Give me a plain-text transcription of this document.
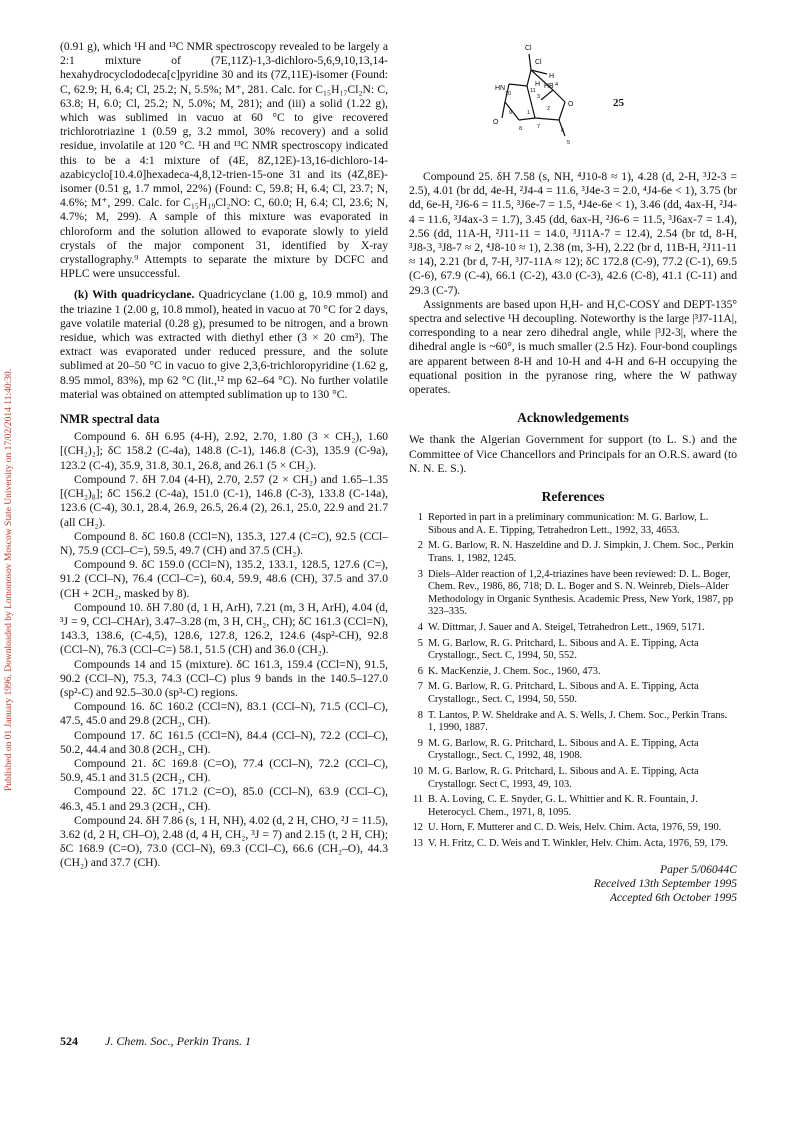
Published on 01 January 1996. Downloaded by Lomonosov Moscow State University on 17/02/2014 11:40:30.

(0.91 g), which ¹H and ¹³C NMR spectroscopy revealed to be largely a 2:1 mixture of (7E,11Z)-1,3-dichloro-5,6,9,10,13,14-hexahydrocyclododeca[c]pyridine 30 and its (7Z,11E)-isomer (Found: C, 62.9; H, 6.4; Cl, 25.2; N, 5.5%; M⁺, 281. Calc. for C₁₅H₁₇Cl₂N: C, 63.8; H, 6.0; Cl, 25.2; N, 5.0%; M, 281); and (iii) a solid (1.22 g), which was sublimed in vacuo at 60 °C to give recovered trichlorotriazine 1 (0.59 g, 3.2 mmol, 30% recovery) and a solid residue, involatile at 120 °C. ¹H and ¹³C NMR spectroscopy indicated this to be a 4:1 mixture of (4E, 8Z,12E)-13,16-dichloro-14-azabicyclo[10.4.0]hexadeca-4,8,12-trien-15-one 31 and its (4Z,8E)-isomer (0.51 g, 1.7 mmol, 22%) (Found: C, 59.8; H, 6.4; Cl, 23.7; N, 4.6%; M⁺, 299. Calc. for C₁₅H₁₉Cl₂NO: C, 60.0; H, 6.4; Cl, 23.6; N, 4.7%; M, 299). A sample of this mixture was evaporated in chloroform and the solution allowed to evaporate slowly to yield crystals of the major component 31, identified by X-ray crystallography.⁹ Attempts to separate the mixture by DCFC and HPLC were unsuccessful.

(k) With quadricyclane. Quadricyclane (1.00 g, 10.9 mmol) and the triazine 1 (2.00 g, 10.8 mmol), heated in vacuo at 70 °C for 2 days, gave volatile material (0.28 g), presumed to be nitrogen, and a brown residue, which was extracted with diethyl ether (3 × 20 cm³). The extract was evaporated under reduced pressure, and the solute sublimed at 20–50 °C in vacuo to give 2,3,6-trichloropyridine (1.62 g, 8.95 mmol, 83%), mp 62 °C (lit.,¹² mp 62–64 °C). No further volatile material was obtained on attempted sublimation up to 130 °C.

NMR spectral data

Compound 6. δH 6.95 (4-H), 2.92, 2.70, 1.80 (3 × CH₂), 1.60 [(CH₂)₂]; δC 158.2 (C-4a), 148.8 (C-1), 146.8 (C-3), 135.9 (C-9a), 123.2 (C-4), 35.9, 31.8, 30.1, 26.8, and 26.1 (5 × CH₂).

Compound 7. δH 7.04 (4-H), 2.70, 2.57 (2 × CH₂) and 1.65–1.35 [(CH₂)₈]; δC 156.2 (C-4a), 151.0 (C-1), 146.8 (C-3), 133.8 (C-14a), 123.6 (C-4), 30.1, 28.4, 26.9, 26.5, 26.4 (2), 26.1, 25.0, 22.9 and 21.7 (all CH₂).

Compound 8. δC 160.8 (CCl=N), 135.3, 127.4 (C=C), 92.5 (CCl–N), 75.9 (CCl–C=), 59.5, 49.7 (CH) and 37.5 (CH₂).

Compound 9. δC 159.0 (CCl=N), 135.2, 133.1, 128.5, 127.6 (C=), 91.2 (CCl–N), 76.4 (CCl–C=), 60.4, 59.9, 48.6 (CH), 37.5 and 37.0 (CH + 2CH₂, masked by 8).

Compound 10. δH 7.80 (d, 1 H, ArH), 7.21 (m, 3 H, ArH), 4.04 (d, ³J = 9, CCl–CHAr), 3.47–3.28 (m, 3 H, CH₂, CH); δC 161.3 (CCl=N), 143.3, 138.6, (C-4,5), 128.6, 127.8, 126.2, 124.6 (4sp²-CH), 92.8 (CCl–N), 76.3 (CCl–C=) 58.1, 51.5 (CH) and 36.0 (CH₂).

Compounds 14 and 15 (mixture). δC 161.3, 159.4 (CCl=N), 91.5, 90.2 (CCl–N), 75.3, 74.3 (CCl–C) plus 9 bands in the 140.5–127.0 (sp²-C) and 92.5–30.0 (sp³-C) regions.

Compound 16. δC 160.2 (CCl=N), 83.1 (CCl–N), 71.5 (CCl–C), 47.5, 45.0 and 29.8 (2CH₂, CH).

Compound 17. δC 161.5 (CCl=N), 84.4 (CCl–N), 72.2 (CCl–C), 50.2, 44.4 and 30.8 (2CH₂, CH).

Compound 21. δC 169.8 (C=O), 77.4 (CCl–N), 72.2 (CCl–C), 50.9, 45.1 and 31.5 (2CH₂, CH).

Compound 22. δC 171.2 (C=O), 85.0 (CCl–N), 63.9 (CCl–C), 46.3, 45.1 and 29.3 (2CH₂, CH).

Compound 24. δH 7.86 (s, 1 H, NH), 4.02 (d, 2 H, CHO, ²J = 11.5), 3.62 (d, 2 H, CH–O), 2.48 (d, 4 H, CH₂, ³J = 7) and 2.15 (t, 2 H, CH); δC 168.9 (C=O), 73.0 (CCl–N), 69.3 (CCl–C), 66.6 (CH₂–O), 44.3 (CH₂) and 37.7 (CH).

Cl
Cl
H
HN
10	11
H HB 4
3
O
2
O
9	1
8	7
6
5
25

Compound 25. δH 7.58 (s, NH, ⁴J10-8 ≈ 1), 4.28 (d, 2-H, ³J2-3 = 2.5), 4.01 (br dd, 4e-H, ²J4-4 = 11.6, ³J4e-3 = 2.0, ⁴J4-6e < 1), 3.75 (br dd, 6e-H, ²J6-6 = 11.5, ³J6e-7 = 1.5, ⁴J4e-6e < 1), 3.46 (dd, 4ax-H, ²J4-4 = 11.6, ³J4ax-3 = 1.7), 3.45 (dd, 6ax-H, ²J6-6 = 11.5, ³J6ax-7 = 1.4), 2.56 (dd, 11A-H, ²J11-11 = 14.0, ³J11A-7 = 12.4), 2.54 (br td, 8-H, ³J8-3, ³J8-7 ≈ 2, ⁴J8-10 ≈ 1), 2.38 (m, 3-H), 2.22 (br d, 11B-H, ²J11-11 ≈ 14), 2.21 (br d, 7-H, ³J7-11A ≈ 12); δC 172.8 (C-9), 77.2 (C-1), 69.5 (C-6), 67.9 (C-4), 66.1 (C-2), 43.0 (C-3), 42.6 (C-8), 41.1 (C-11) and 29.3 (C-7).

Assignments are based upon H,H- and H,C-COSY and DEPT-135° spectra and selective ¹H decoupling. Noteworthy is the large |³J7-11A|, corresponding to a near zero dihedral angle, while |³J2-3|, where the dihedral angle is ~60°, is much smaller (2.5 Hz). Four-bond couplings are apparent between 8-H and 10-H and 4-H and 6-H occupying the equational position in the pyranose ring, where the W pathway operates.

Acknowledgements

We thank the Algerian Government for support (to L. S.) and the Committee of Vice Chancellors and Principals for an O.R.S. award (to N. N. E. S.).

References
1 Reported in part in a preliminary communication: M. G. Barlow, L. Sibous and A. E. Tipping, Tetrahedron Lett., 1992, 33, 4653.
2 M. G. Barlow, R. N. Haszeldine and D. J. Simpkin, J. Chem. Soc., Perkin Trans. 1, 1982, 1245.
3 Diels–Alder reaction of 1,2,4-triazines have been reviewed: D. L. Boger, Chem. Rev., 1986, 86, 718; D. L. Boger and S. N. Weinreb, Diels–Alder Methodology in Organic Synthesis. Academic Press, New York, 1987, pp 323–335.
4 W. Dittmar, J. Sauer and A. Steigel, Tetrahedron Lett., 1969, 5171.
5 M. G. Barlow, R. G. Pritchard, L. Sibous and A. E. Tipping, Acta Crystallogr., Sect. C, 1994, 50, 552.
6 K. MacKenzie, J. Chem. Soc., 1960, 473.
7 M. G. Barlow, R. G. Pritchard, L. Sibous and A. E. Tipping, Acta Crystallogr., Sect. C, 1994, 50, 550.
8 T. Lantos, P. W. Sheldrake and A. S. Wells, J. Chem. Soc., Perkin Trans. 1, 1990, 1887.
9 M. G. Barlow, R. G. Pritchard, L. Sibous and A. E. Tipping, Acta Crystallogr., Sect. C, 1992, 48, 1908.
10 M. G. Barlow, R. G. Pritchard, L. Sibous and A. E. Tipping, Acta Crystallogr. Sect C, 1993, 49, 103.
11 B. A. Loving, C. E. Snyder, G. L. Whittier and K. R. Fountain, J. Heterocycl. Chem., 1971, 8, 1095.
12 U. Horn, F. Mutterer and C. D. Weis, Helv. Chim. Acta, 1976, 59, 190.
13 V. H. Fritz, C. D. Weis and T. Winkler, Helv. Chim. Acta, 1976, 59, 179.
Paper 5/06044C
Received 13th September 1995
Accepted 6th October 1995
524 J. Chem. Soc., Perkin Trans. 1
